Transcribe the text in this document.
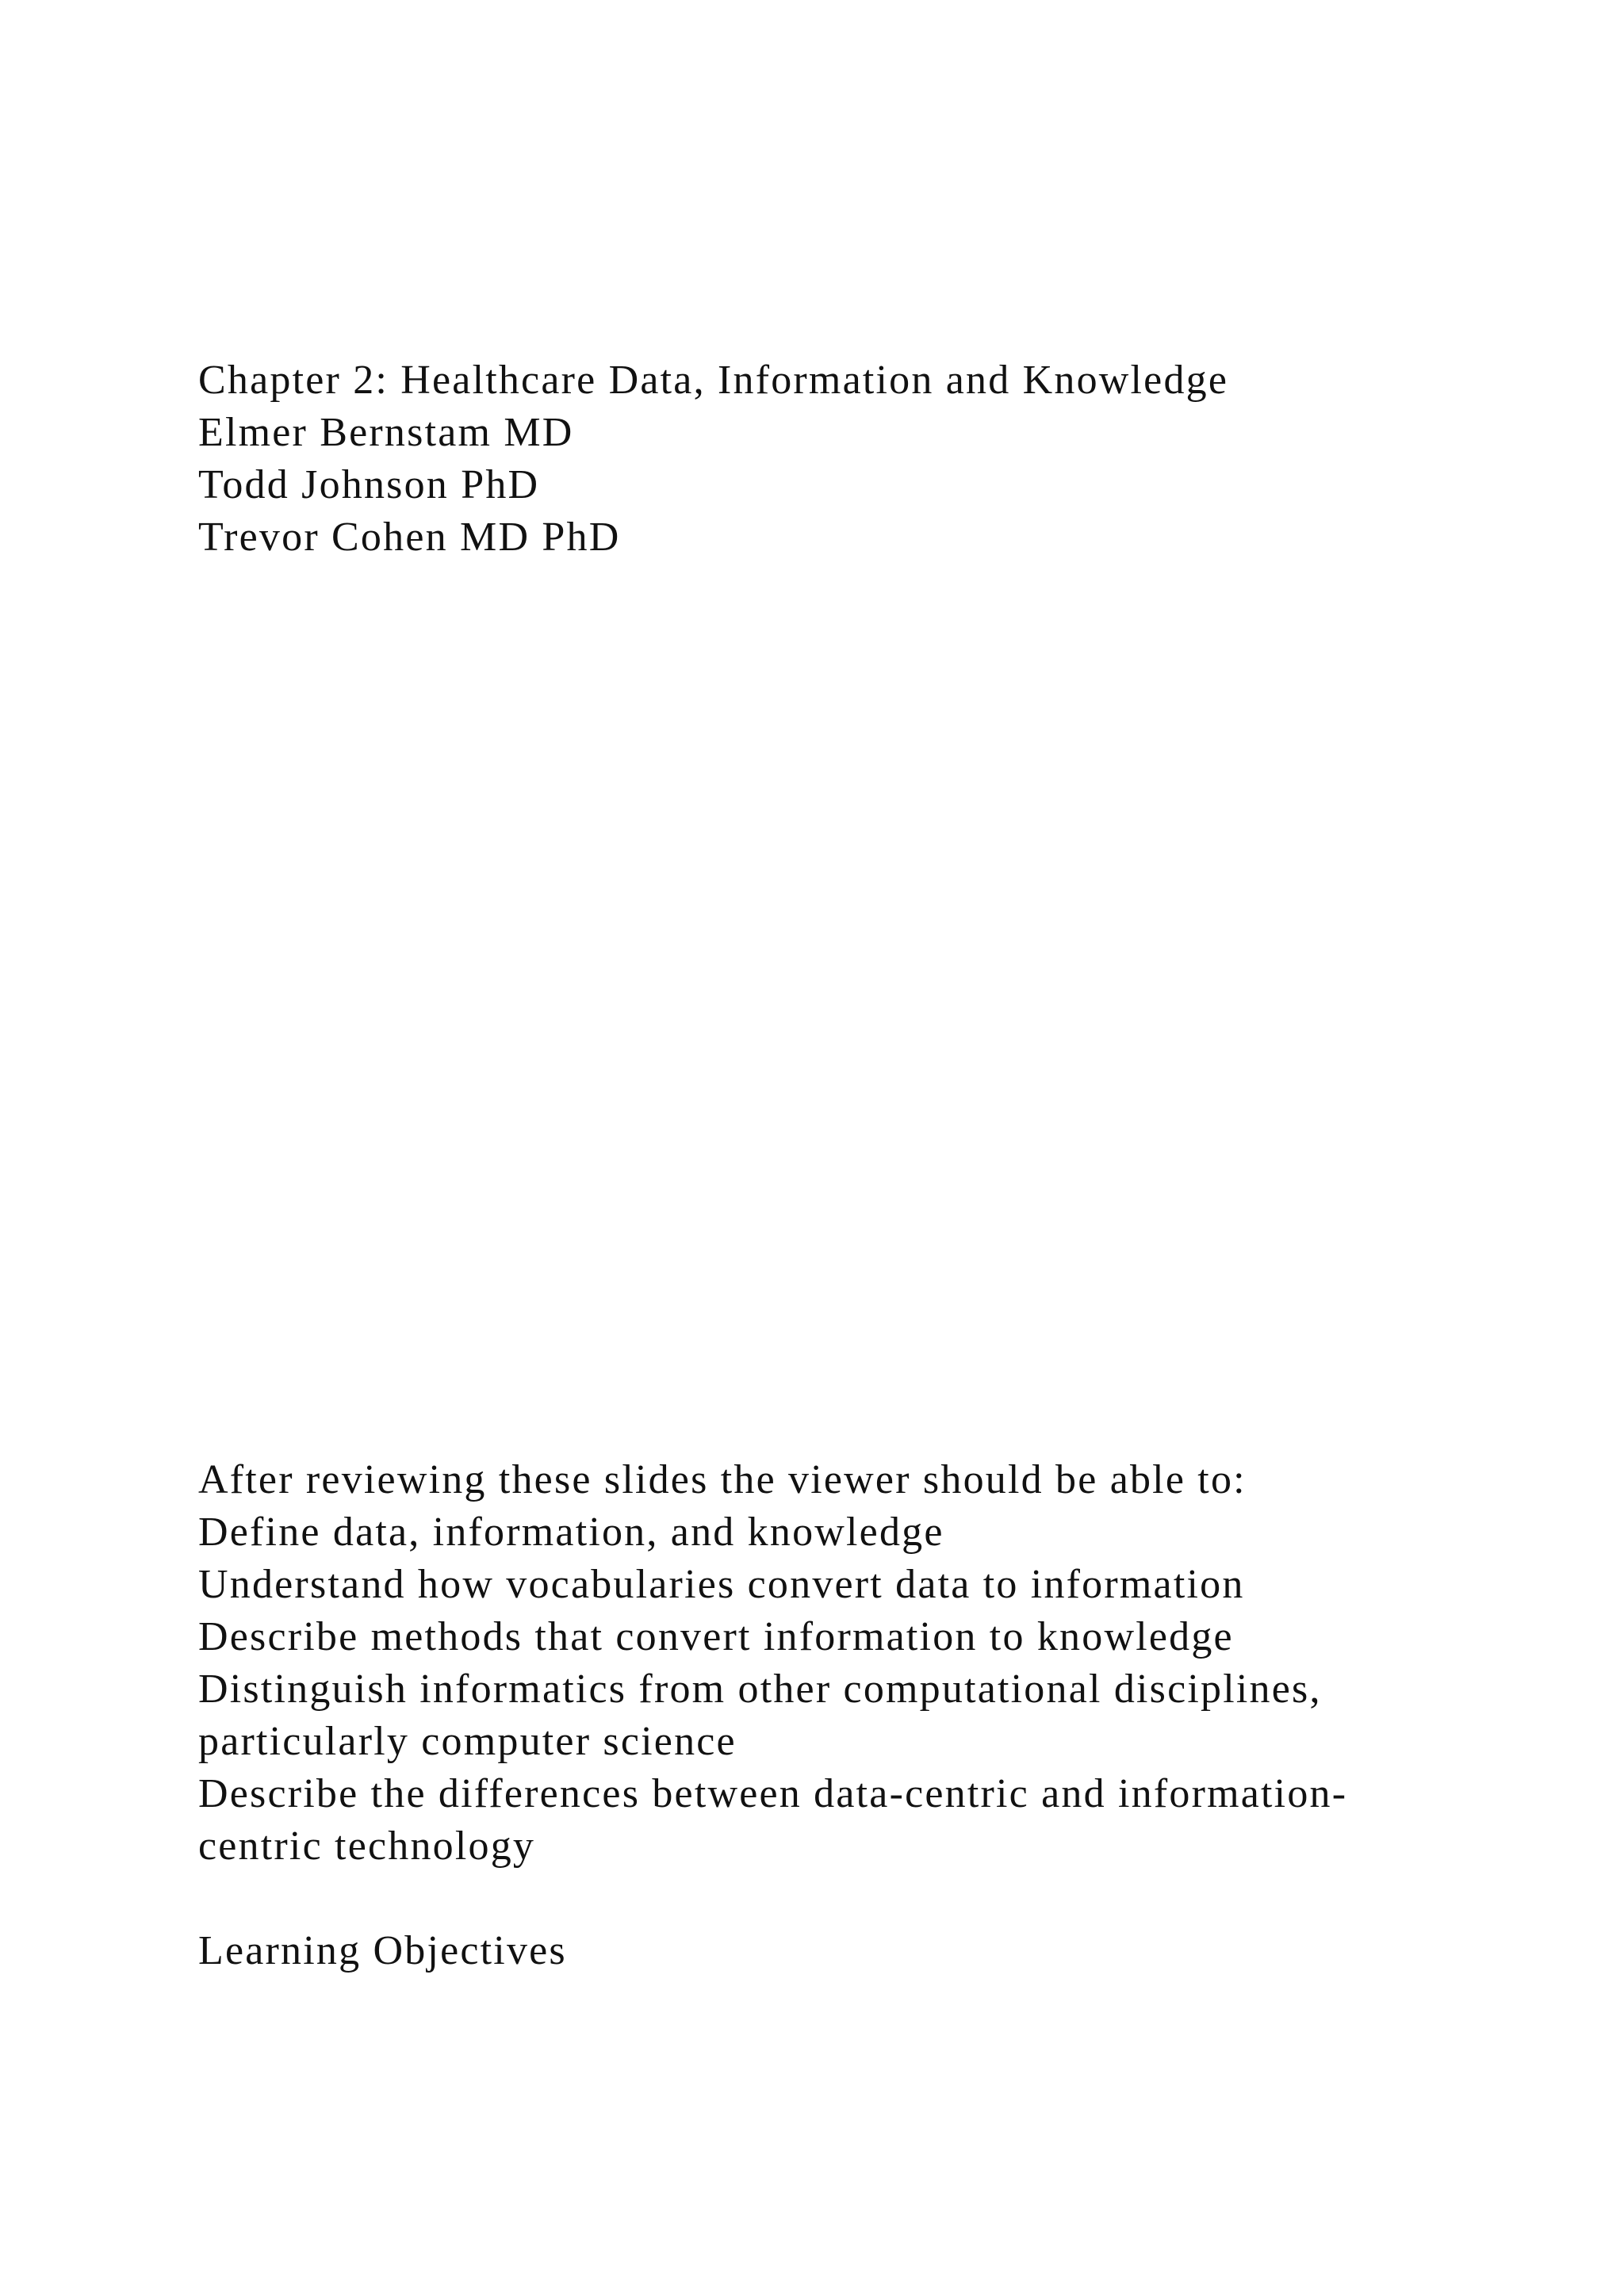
Chapter 2: Healthcare Data, Information and Knowledge

Elmer Bernstam MD

Todd Johnson PhD

Trevor Cohen MD PhD

After reviewing these slides the viewer should be able to:

Define data, information, and knowledge

Understand how vocabularies convert data to information

Describe methods that convert information to knowledge

Distinguish informatics from other computational disciplines,

particularly computer science

Describe the differences between data-centric and information-

centric technology

Learning Objectives
